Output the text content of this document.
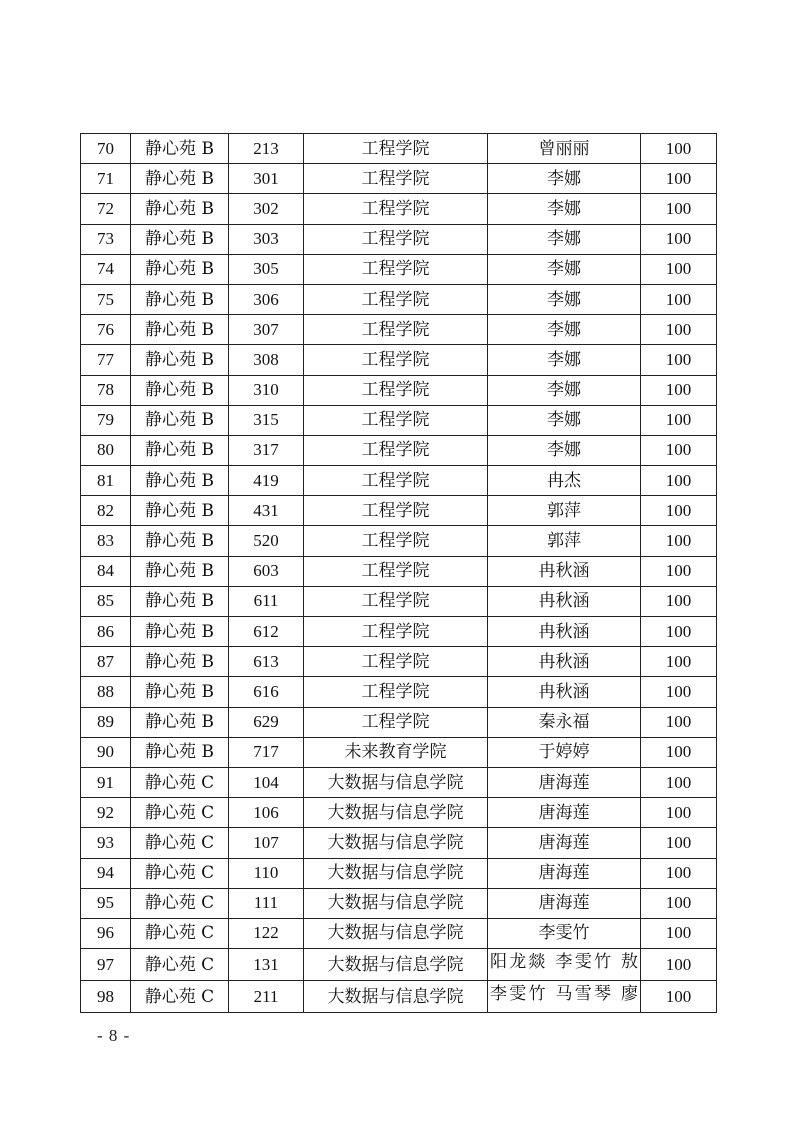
70	静心苑 B	213	工程学院	曾丽丽	100
71	静心苑 B	301	工程学院	李娜	100
72	静心苑 B	302	工程学院	李娜	100
73	静心苑 B	303	工程学院	李娜	100
74	静心苑 B	305	工程学院	李娜	100
75	静心苑 B	306	工程学院	李娜	100
76	静心苑 B	307	工程学院	李娜	100
77	静心苑 B	308	工程学院	李娜	100
78	静心苑 B	310	工程学院	李娜	100
79	静心苑 B	315	工程学院	李娜	100
80	静心苑 B	317	工程学院	李娜	100
81	静心苑 B	419	工程学院	冉杰	100
82	静心苑 B	431	工程学院	郭萍	100
83	静心苑 B	520	工程学院	郭萍	100
84	静心苑 B	603	工程学院	冉秋涵	100
85	静心苑 B	611	工程学院	冉秋涵	100
86	静心苑 B	612	工程学院	冉秋涵	100
87	静心苑 B	613	工程学院	冉秋涵	100
88	静心苑 B	616	工程学院	冉秋涵	100
89	静心苑 B	629	工程学院	秦永福	100
90	静心苑 B	717	未来教育学院	于婷婷	100
91	静心苑 C	104	大数据与信息学院	唐海莲	100
92	静心苑 C	106	大数据与信息学院	唐海莲	100
93	静心苑 C	107	大数据与信息学院	唐海莲	100
94	静心苑 C	110	大数据与信息学院	唐海莲	100
95	静心苑 C	111	大数据与信息学院	唐海莲	100
96	静心苑 C	122	大数据与信息学院	李雯竹	100
97	静心苑 C	131	大数据与信息学院	阳龙燚 李雯竹 敖	100
98	静心苑 C	211	大数据与信息学院	李雯竹 马雪琴 廖	100
- 8 -
